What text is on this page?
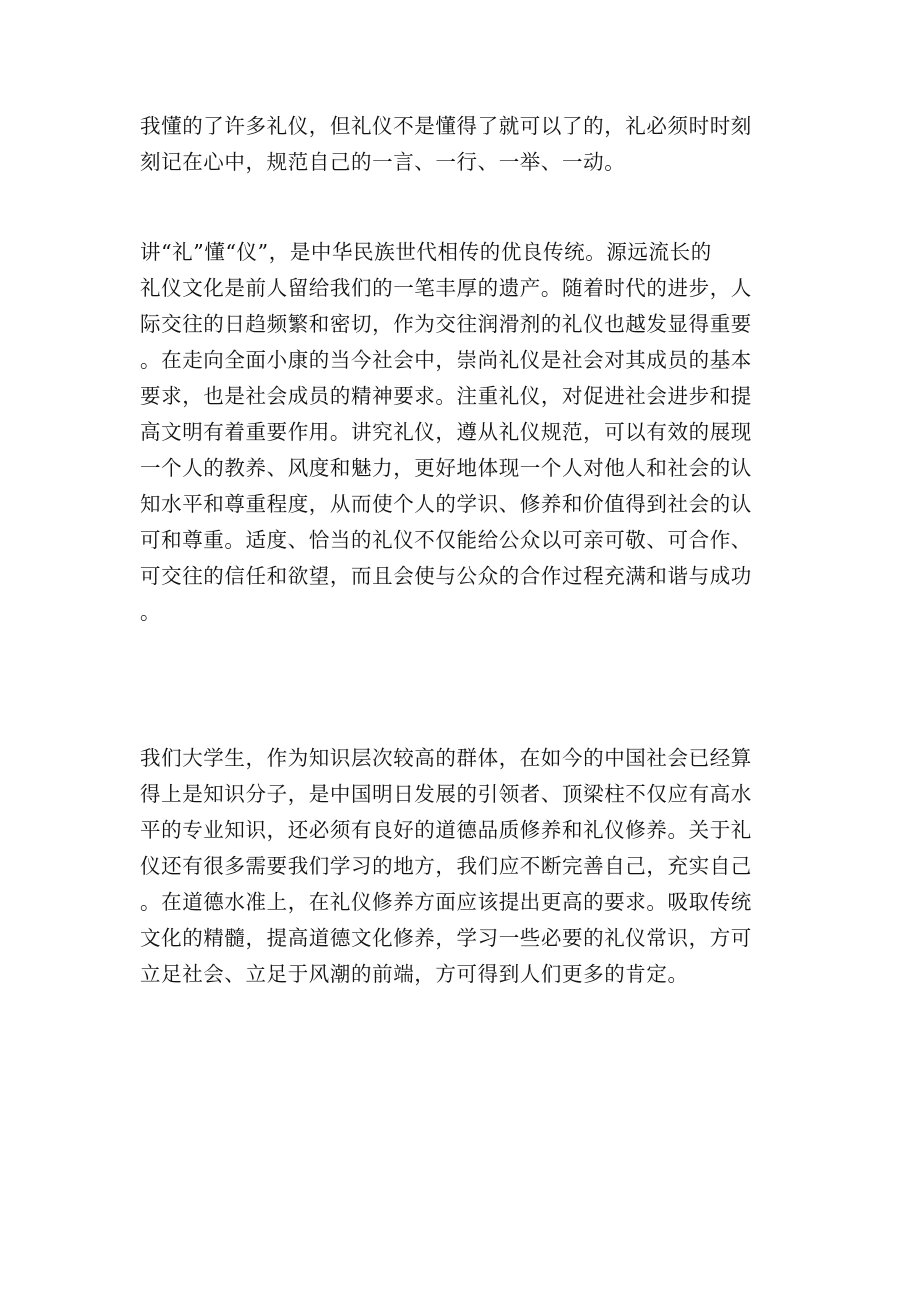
我懂的了许多礼仪，但礼仪不是懂得了就可以了的，礼必须时时刻
刻记在心中，规范自己的一言、一行、一举、一动。
讲“礼”懂“仪”，是中华民族世代相传的优良传统。源远流长的
礼仪文化是前人留给我们的一笔丰厚的遗产。随着时代的进步，人
际交往的日趋频繁和密切，作为交往润滑剂的礼仪也越发显得重要
。在走向全面小康的当今社会中，崇尚礼仪是社会对其成员的基本
要求，也是社会成员的精神要求。注重礼仪，对促进社会进步和提
高文明有着重要作用。讲究礼仪，遵从礼仪规范，可以有效的展现
一个人的教养、风度和魅力，更好地体现一个人对他人和社会的认
知水平和尊重程度，从而使个人的学识、修养和价值得到社会的认
可和尊重。适度、恰当的礼仪不仅能给公众以可亲可敬、可合作、
可交往的信任和欲望，而且会使与公众的合作过程充满和谐与成功
。
我们大学生，作为知识层次较高的群体，在如今的中国社会已经算
得上是知识分子，是中国明日发展的引领者、顶梁柱不仅应有高水
平的专业知识，还必须有良好的道德品质修养和礼仪修养。关于礼
仪还有很多需要我们学习的地方，我们应不断完善自己，充实自己
。在道德水准上，在礼仪修养方面应该提出更高的要求。吸取传统
文化的精髓，提高道德文化修养，学习一些必要的礼仪常识，方可
立足社会、立足于风潮的前端，方可得到人们更多的肯定。
